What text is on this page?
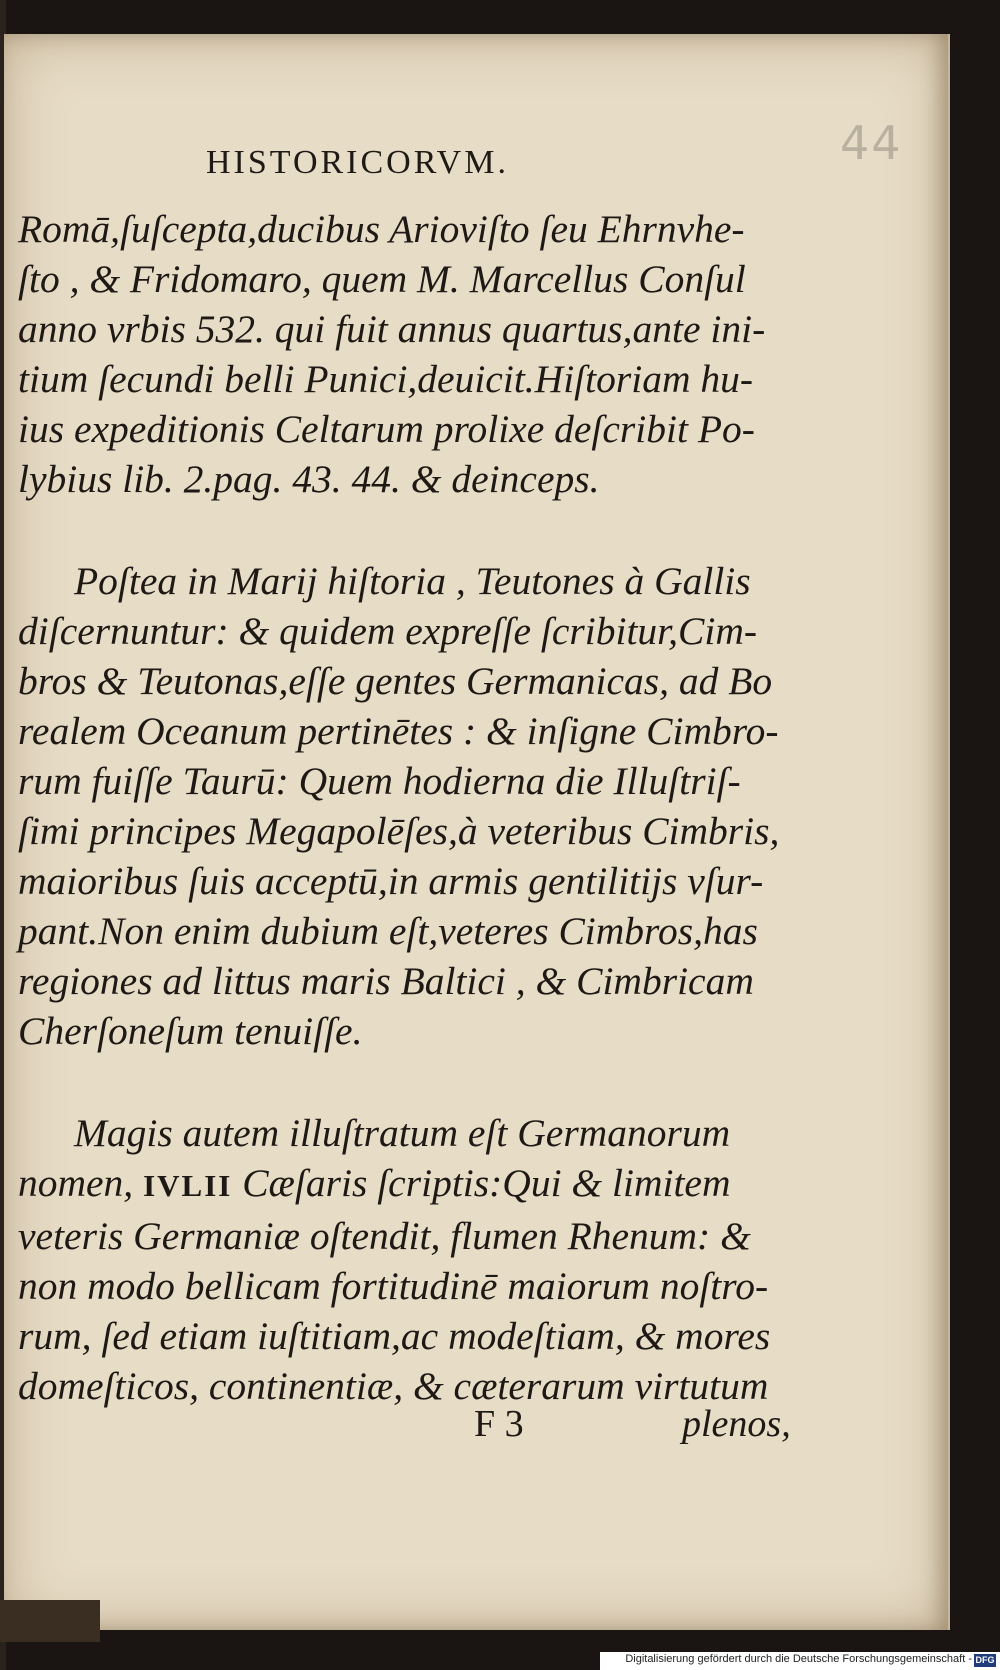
44
HISTORICORVM.
Romā,ſuſcepta,ducibus Arioviſto ſeu Ehrnvhe-
ſto , & Fridomaro, quem M. Marcellus Conſul
anno vrbis 532. qui fuit annus quartus,ante ini-
tium ſecundi belli Punici,deuicit.Hiſtoriam hu-
ius expeditionis Celtarum prolixe deſcribit Po-
lybius lib. 2.pag. 43. 44. & deinceps.
Poſtea in Marij hiſtoria , Teutones à Gallis
diſcernuntur: & quidem expreſſe ſcribitur,Cim-
bros & Teutonas,eſſe gentes Germanicas, ad Bo
realem Oceanum pertinētes : & inſigne Cimbro-
rum fuiſſe Taurū: Quem hodierna die Illuſtriſ-
ſimi principes Megapolēſes,à veteribus Cimbris,
maioribus ſuis acceptū,in armis gentilitijs vſur-
pant.Non enim dubium eſt,veteres Cimbros,has
regiones ad littus maris Baltici , & Cimbricam
Cherſoneſum tenuiſſe.
Magis autem illuſtratum eſt Germanorum
nomen, IVLII Cæſaris ſcriptis:Qui & limitem
veteris Germaniæ oſtendit, flumen Rhenum: &
non modo bellicam fortitudinē maiorum noſtro-
rum, ſed etiam iuſtitiam,ac modeſtiam, & mores
domeſticos, continentiæ, & cæterarum virtutum
F 3	plenos,
Digitalisierung gefördert durch die Deutsche Forschungsgemeinschaft - DFG
